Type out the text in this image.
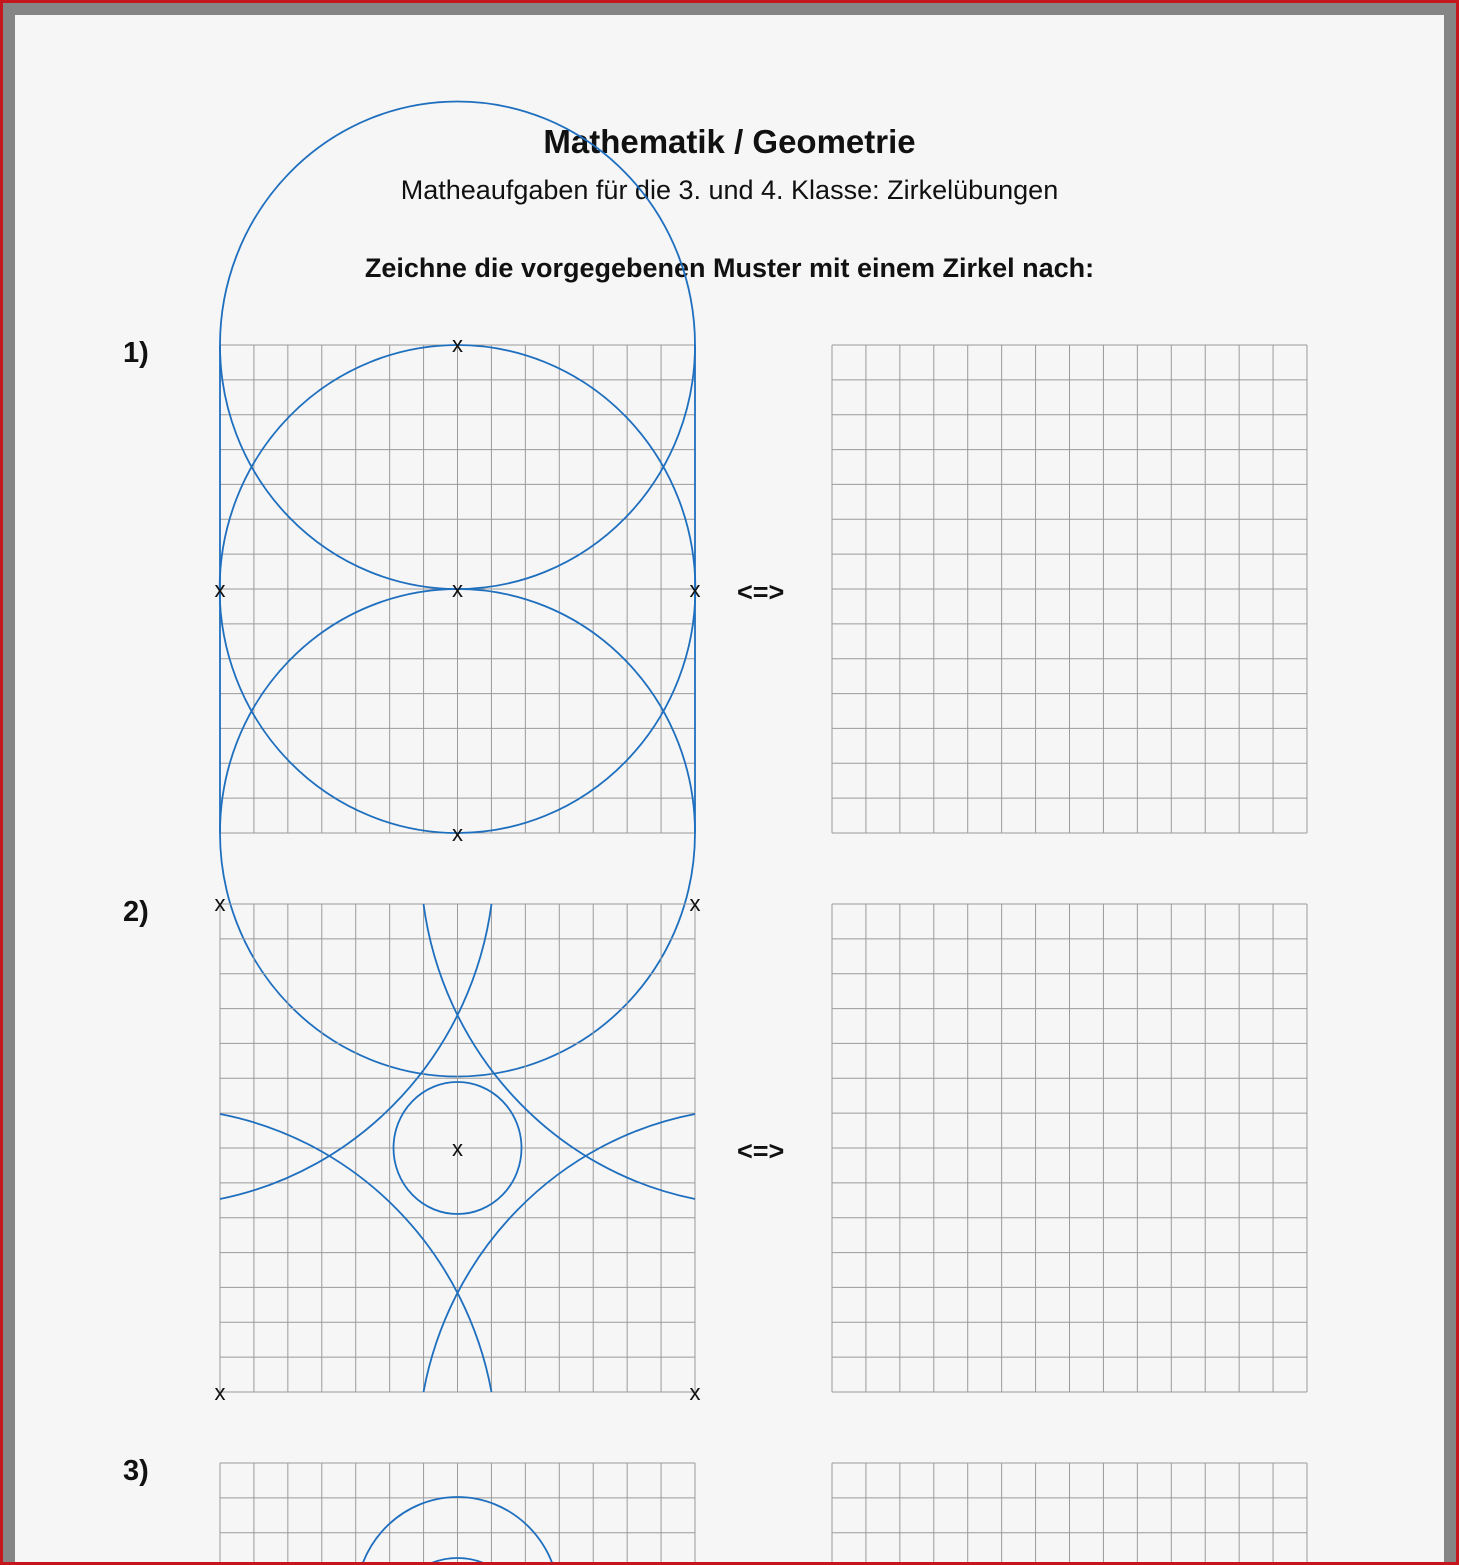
Mathematik / Geometrie
Matheaufgaben für die 3. und 4. Klasse: Zirkelübungen
Zeichne die vorgegebenen Muster mit einem Zirkel nach:
1)	x
x	x	x
x
<=>
2)	x	x
x
x	x
<=>
3)
